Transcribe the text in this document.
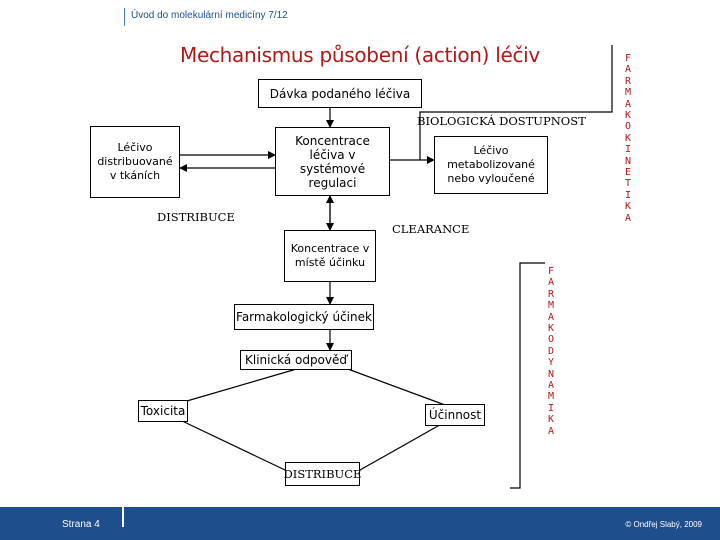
Úvod do molekulární medicíny 7/12
Mechanismus působení (action) léčiv
Dávka podaného léčiva
BIOLOGICKÁ DOSTUPNOST
Léčivo distribuované v tkáních
Koncentrace léčiva v systémové regulaci
Léčivo metabolizované nebo vyloučené
DISTRIBUCE
CLEARANCE
Koncentrace v místě účinku
Farmakologický účinek
Klinická odpověď
Toxicita	Účinnost
DISTRIBUCE
FARMAKOKINETIKA
FARMAKODYNAMIKA
Strana 4	© Ondřej Slabý, 2009
